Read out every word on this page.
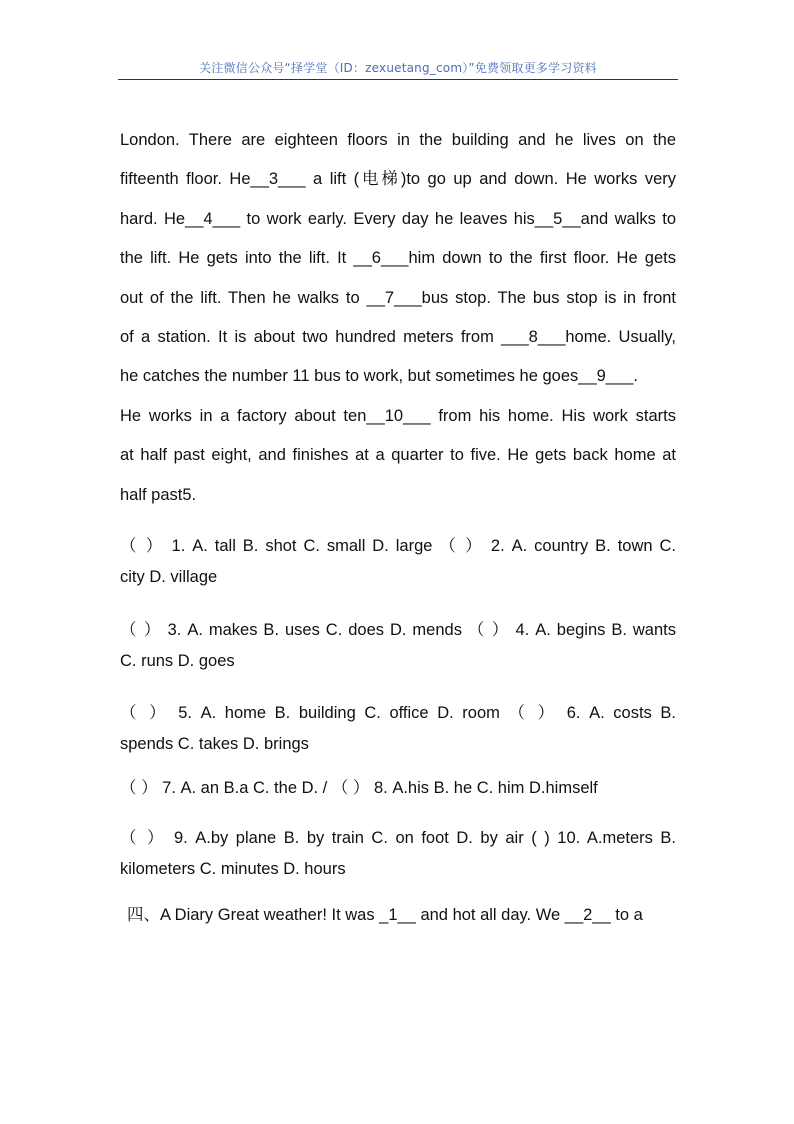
关注微信公众号“择学堂（ID：zexuetang_com）”免费领取更多学习资料
London. There are eighteen floors in the building and he lives on the
fifteenth floor. He__3___ a lift (电梯)to go up and down. He works very
hard. He__4___ to work early. Every day he leaves his__5__and walks to
the lift. He gets into the lift. It __6___him down to the first floor. He gets
out of the lift. Then he walks to __7___bus stop. The bus stop is in front
of a station. It is about two hundred meters from ___8___home. Usually,
he catches the number 11 bus to work, but sometimes he goes__9___.
He works in a factory about ten__10___ from his home. His work starts
at half past eight, and finishes at a quarter to five. He gets back home at
half past5.
（ ） 1. A. tall B. shot C. small D. large （ ） 2. A. country B. town C.
city D. village
（ ） 3. A. makes B. uses C. does D. mends （ ） 4. A. begins B. wants
C. runs D. goes
（ ） 5. A. home B. building C. office D. room （ ） 6. A. costs B.
spends C. takes D. brings
（ ） 7. A. an B.a C. the D. / （ ） 8. A.his B. he C. him D.himself
（ ） 9. A.by plane B. by train C. on foot D. by air ( ) 10. A.meters B.
kilometers C. minutes D. hours
四、A Diary Great weather! It was _1__ and hot all day. We __2__ to a
